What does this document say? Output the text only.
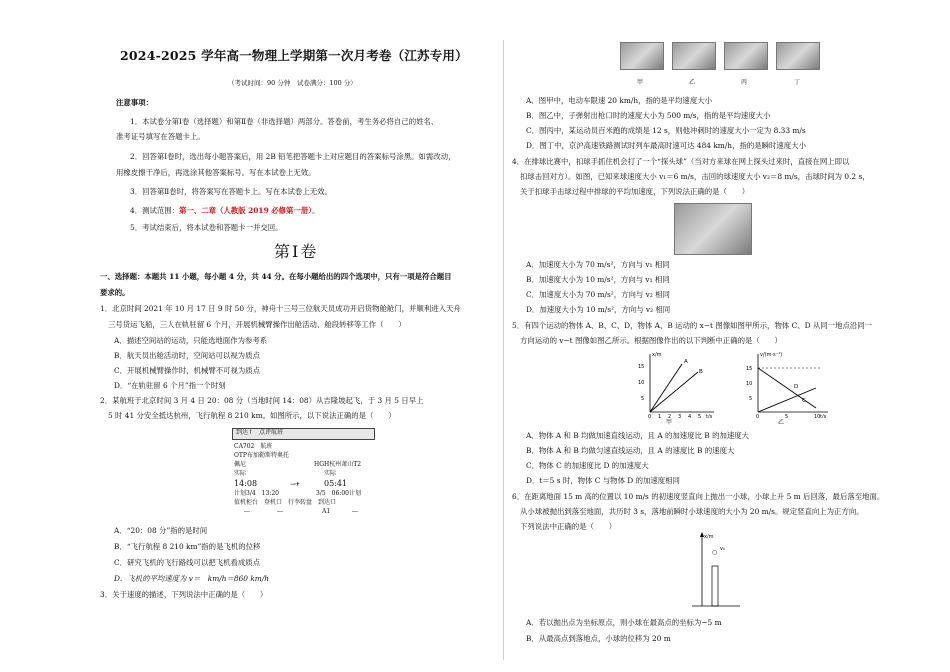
2024-2025 学年高一物理上学期第一次月考卷（江苏专用）
（考试时间：90 分钟　试卷满分：100 分）
注意事项：
1．本试卷分第Ⅰ卷（选择题）和第Ⅱ卷（非选择题）两部分。答卷前，考生务必将自己的姓名、
准考证号填写在答题卡上。
2．回答第Ⅰ卷时，选出每小题答案后，用 2B 铅笔把答题卡上对应题目的答案标号涂黑。如需改动，
用橡皮擦干净后，再选涂其他答案标号。写在本试卷上无效。
3．回答第Ⅱ卷时，将答案写在答题卡上。写在本试卷上无效。
4．测试范围：第一、二章（人教版 2019 必修第一册）。
5．考试结束后，将本试卷和答题卡一并交回。
第Ⅰ卷
一、选择题：本题共 11 小题，每小题 4 分，共 44 分。在每小题给出的四个选项中，只有一项是符合题目
要求的。
1．北京时间 2021 年 10 月 17 日 9 时 50 分，神舟十三号三位航天员成功开启货物舱舱门，并顺利进入天舟
三号货运飞船，三人在轨驻留 6 个月，开展机械臂操作出舱活动、舱段转移等工作（　　）
A．描述空间站的运动，只能选地面作为参考系
B．航天员出舱活动时，空间站可以视为质点
C．开展机械臂操作时，机械臂不可视为质点
D．“在轨驻留 6 个月”指一个时刻
2．某航班于北京时间 3 月 4 日 20：08 分（当地时间 14：08）从吉隆坡起飞，于 3 月 5 日早上
5 时 41 分安全抵达杭州，飞行航程 8 210 km。如图所示，以下说法正确的是（　　）
到达↑　点评航班
CA702　航班
OTP布加勒斯特奥托
佩尼	HGH杭州萧山T2
实际	实际
14:08	→✈	05:41
计划3/4　13:20	3/5　06:00计划
值机柜台　登机口　行李转盘　到达口
---	---	A1	---
A．“20：08 分”指的是时间
B．“飞行航程 8 210 km”指的是飞机的位移
C．研究飞机的飞行路线可以把飞机看成质点
D．飞机的平均速度为 v＝　km/h＝860 km/h
3．关于速度的描述，下列说法中正确的是（　　）
甲	乙	丙	丁
A．图甲中，电动车限速 20 km/h，指的是平均速度大小
B．图乙中，子弹射出枪口时的速度大小为 500 m/s，指的是平均速度大小
C．图丙中，某运动员百米跑的成绩是 12 s，则他冲刺时的速度大小一定为 8.33 m/s
D．图丁中，京沪高速铁路测试时列车最高时速可达 484 km/h，指的是瞬时速度大小
4．在排球比赛中，扣球手抓住机会打了一个“探头球”（当对方来球在网上探头过来时，直接在网上即以
扣球击回对方）。如图，已知来球速度大小 v₁＝6 m/s，击回的球速度大小 v₂＝8 m/s，击球时间为 0.2 s，
关于扣球手击球过程中排球的平均加速度，下列说法正确的是（　　）
A．加速度大小为 70 m/s²，方向与 v₁ 相同
B．加速度大小为 10 m/s²，方向与 v₁ 相同
C．加速度大小为 70 m/s²，方向与 v₂ 相同
D．加速度大小为 10 m/s²，方向与 v₂ 相同
5．有四个运动的物体 A、B、C、D，物体 A、B 运动的 x−t 图像如图甲所示，物体 C、D 从同一地点沿同一
方向运动的 v−t 图像如图乙所示。根据图像作出的以下判断中正确的是（　　）
x/m
t/s
15
10
5
A
B
0 1 2 3 4 5
甲
v/(m·s⁻¹)
t/s
15
10
5
D
C
0	5	10
乙
A．物体 A 和 B 均做加速直线运动，且 A 的加速度比 B 的加速度大
B．物体 A 和 B 均做匀速直线运动，且 A 的速度比 B 的速度大
C．物体 C 的加速度比 D 的加速度大
D．t＝5 s 时，物体 C 与物体 D 的加速度相同
6．在距离地面 15 m 高的位置以 10 m/s 的初速度竖直向上抛出一小球，小球上升 5 m 后回落，最后落至地面。
从小球被抛出到落至地面，共历时 3 s，落地前瞬时小球速度的大小为 20 m/s。规定竖直向上为正方向。
下列说法中正确的是（　　）
x/m
○ v₀
A．若以抛出点为坐标原点，则小球在最高点的坐标为−5 m
B．从最高点到落地点，小球的位移为 20 m
